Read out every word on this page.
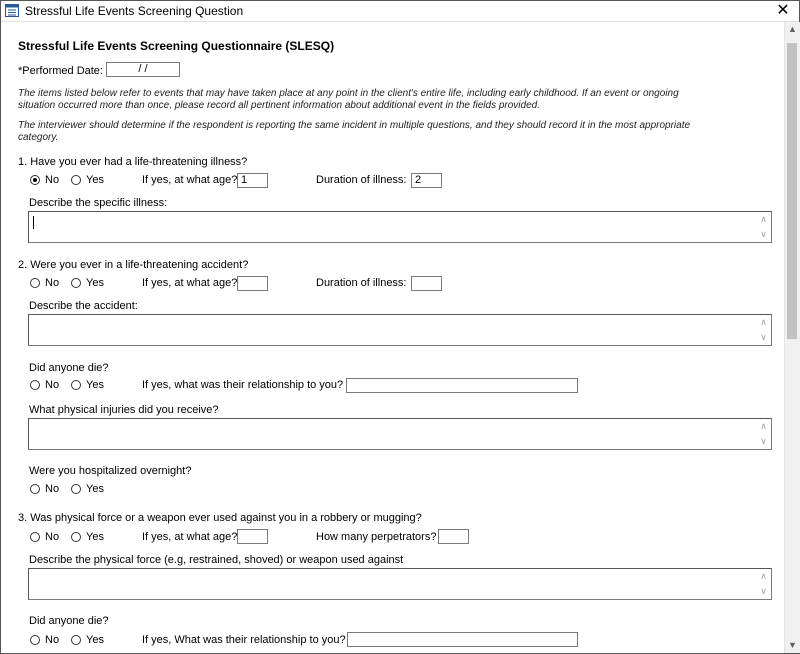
Stressful Life Events Screening Question	✕
Stressful Life Events Screening Questionnaire (SLESQ)
*Performed Date:	/ /
The items listed below refer to events that may have taken place at any point in the client's entire life, including early childhood. If an event or ongoing situation occurred more than once, please record all pertinent information about additional event in the fields provided.
The interviewer should determine if the respondent is reporting the same incident in multiple questions, and they should record it in the most appropriate category.
1. Have you ever had a life-threatening illness?
No Yes	If yes, at what age? 1	Duration of illness: 2
Describe the specific illness:
∧
∨
2. Were you ever in a life-threatening accident?
No Yes	If yes, at what age?	Duration of illness:
Describe the accident:
∧
∨
Did anyone die?
No Yes	If yes, what was their relationship to you?
What physical injuries did you receive?
∧
∨
Were you hospitalized overnight?
No Yes
3. Was physical force or a weapon ever used against you in a robbery or mugging?
No Yes	If yes, at what age?	How many perpetrators?
Describe the physical force (e.g, restrained, shoved) or weapon used against
∧
∨
Did anyone die?
No Yes	If yes, What was their relationship to you?
▲
▼
